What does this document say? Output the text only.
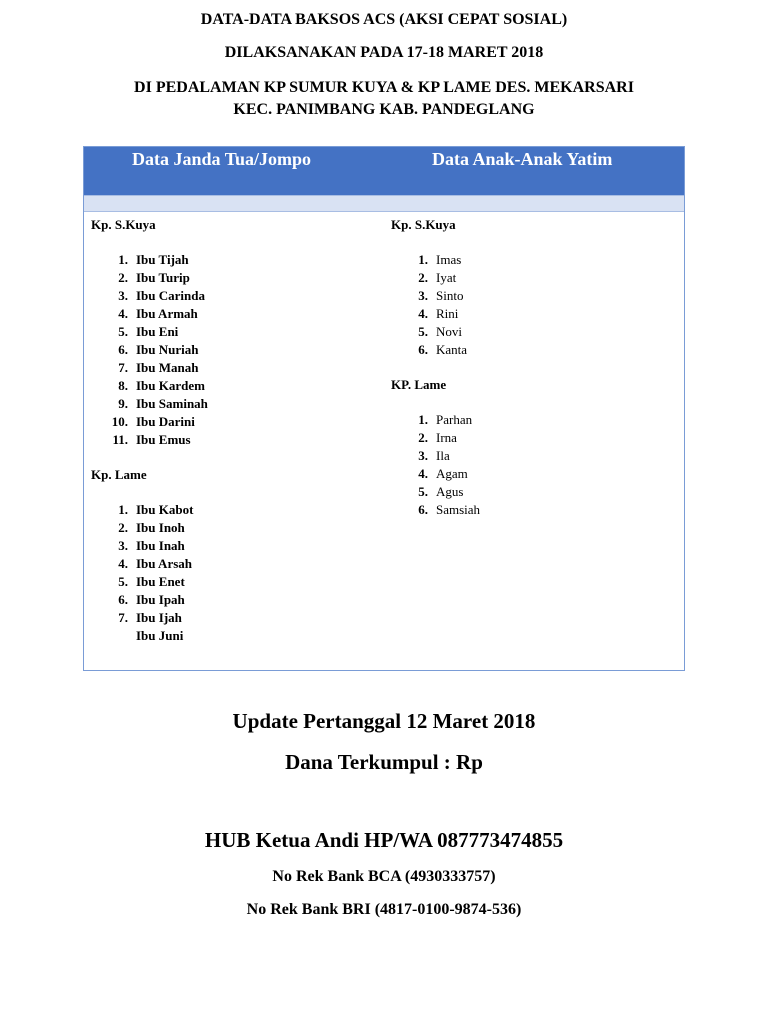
DATA-DATA BAKSOS ACS (AKSI CEPAT SOSIAL)
DILAKSANAKAN PADA 17-18 MARET 2018
DI PEDALAMAN KP SUMUR KUYA & KP LAME DES. MEKARSARI
KEC. PANIMBANG KAB. PANDEGLANG
Data Janda Tua/Jompo	Data Anak-Anak Yatim
Kp. S.Kuya
1. Ibu Tijah
2. Ibu Turip
3. Ibu Carinda
4. Ibu Armah
5. Ibu Eni
6. Ibu Nuriah
7. Ibu Manah
8. Ibu Kardem
9. Ibu Saminah
10. Ibu Darini
11. Ibu Emus
Kp. Lame
1. Ibu Kabot
2. Ibu Inoh
3. Ibu Inah
4. Ibu Arsah
5. Ibu Enet
6. Ibu Ipah
7. Ibu Ijah
Ibu Juni
Kp. S.Kuya
1. Imas
2. Iyat
3. Sinto
4. Rini
5. Novi
6. Kanta
KP. Lame
1. Parhan
2. Irna
3. Ila
4. Agam
5. Agus
6. Samsiah
Update Pertanggal 12 Maret 2018
Dana Terkumpul : Rp
HUB Ketua Andi HP/WA 087773474855
No Rek Bank BCA (4930333757)
No Rek Bank BRI (4817-0100-9874-536)
